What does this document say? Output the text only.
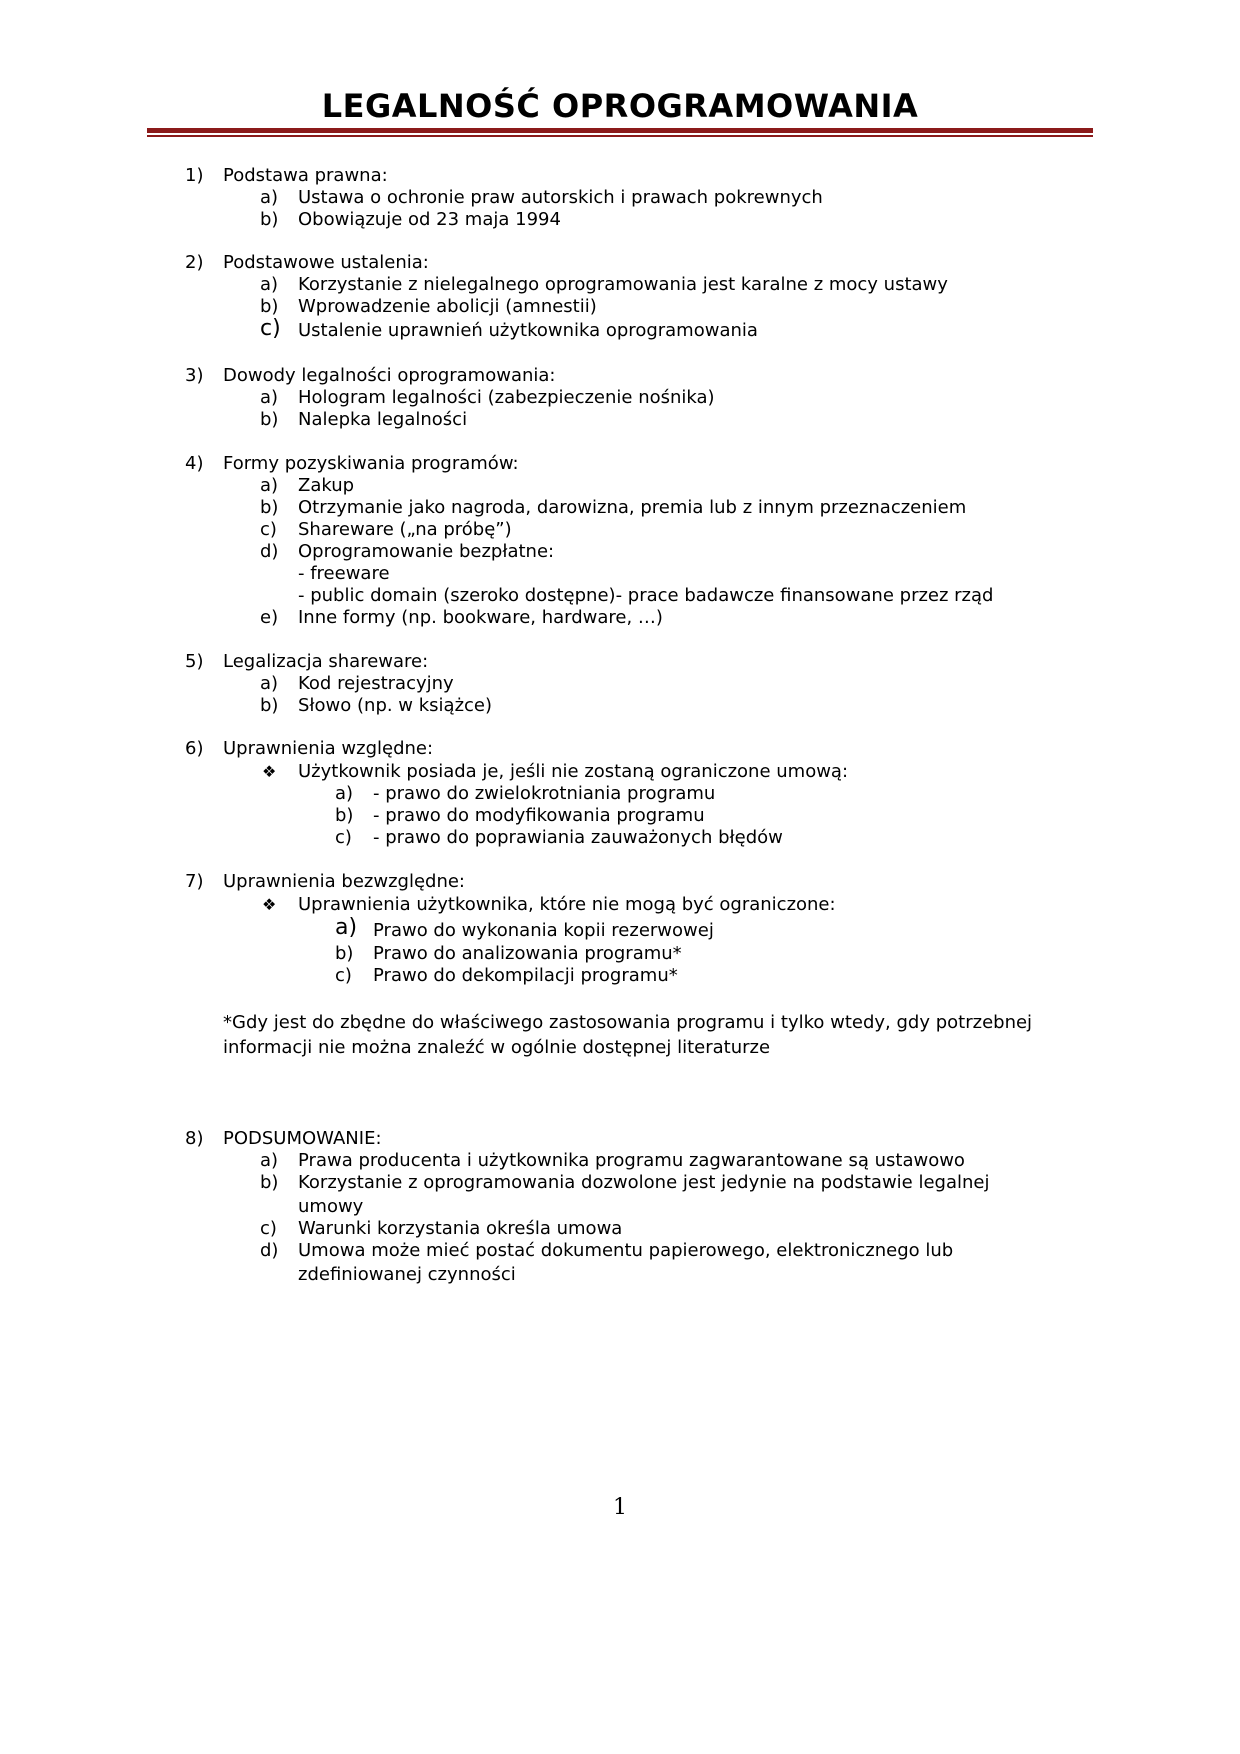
LEGALNOŚĆ OPROGRAMOWANIA
1) Podstawa prawna:
a) Ustawa o ochronie praw autorskich i prawach pokrewnych
b) Obowiązuje od 23 maja 1994
2) Podstawowe ustalenia:
a) Korzystanie z nielegalnego oprogramowania jest karalne z mocy ustawy
b) Wprowadzenie abolicji (amnestii)
c) Ustalenie uprawnień użytkownika oprogramowania
3) Dowody legalności oprogramowania:
a) Hologram legalności (zabezpieczenie nośnika)
b) Nalepka legalności
4) Formy pozyskiwania programów:
a) Zakup
b) Otrzymanie jako nagroda, darowizna, premia lub z innym przeznaczeniem
c) Shareware („na próbę”)
d) Oprogramowanie bezpłatne:
- freeware
- public domain (szeroko dostępne)- prace badawcze finansowane przez rząd
e) Inne formy (np. bookware, hardware, …)
5) Legalizacja shareware:
a) Kod rejestracyjny
b) Słowo (np. w książce)
6) Uprawnienia względne:
❖ Użytkownik posiada je, jeśli nie zostaną ograniczone umową:
a) - prawo do zwielokrotniania programu
b) - prawo do modyfikowania programu
c) - prawo do poprawiania zauważonych błędów
7) Uprawnienia bezwzględne:
❖ Uprawnienia użytkownika, które nie mogą być ograniczone:
a) Prawo do wykonania kopii rezerwowej
b) Prawo do analizowania programu*
c) Prawo do dekompilacji programu*
*Gdy jest do zbędne do właściwego zastosowania programu i tylko wtedy, gdy potrzebnej
informacji nie można znaleźć w ogólnie dostępnej literaturze
8) PODSUMOWANIE:
a) Prawa producenta i użytkownika programu zagwarantowane są ustawowo
b) Korzystanie z oprogramowania dozwolone jest jedynie na podstawie legalnej
umowy
c) Warunki korzystania określa umowa
d) Umowa może mieć postać dokumentu papierowego, elektronicznego lub
zdefiniowanej czynności
1
